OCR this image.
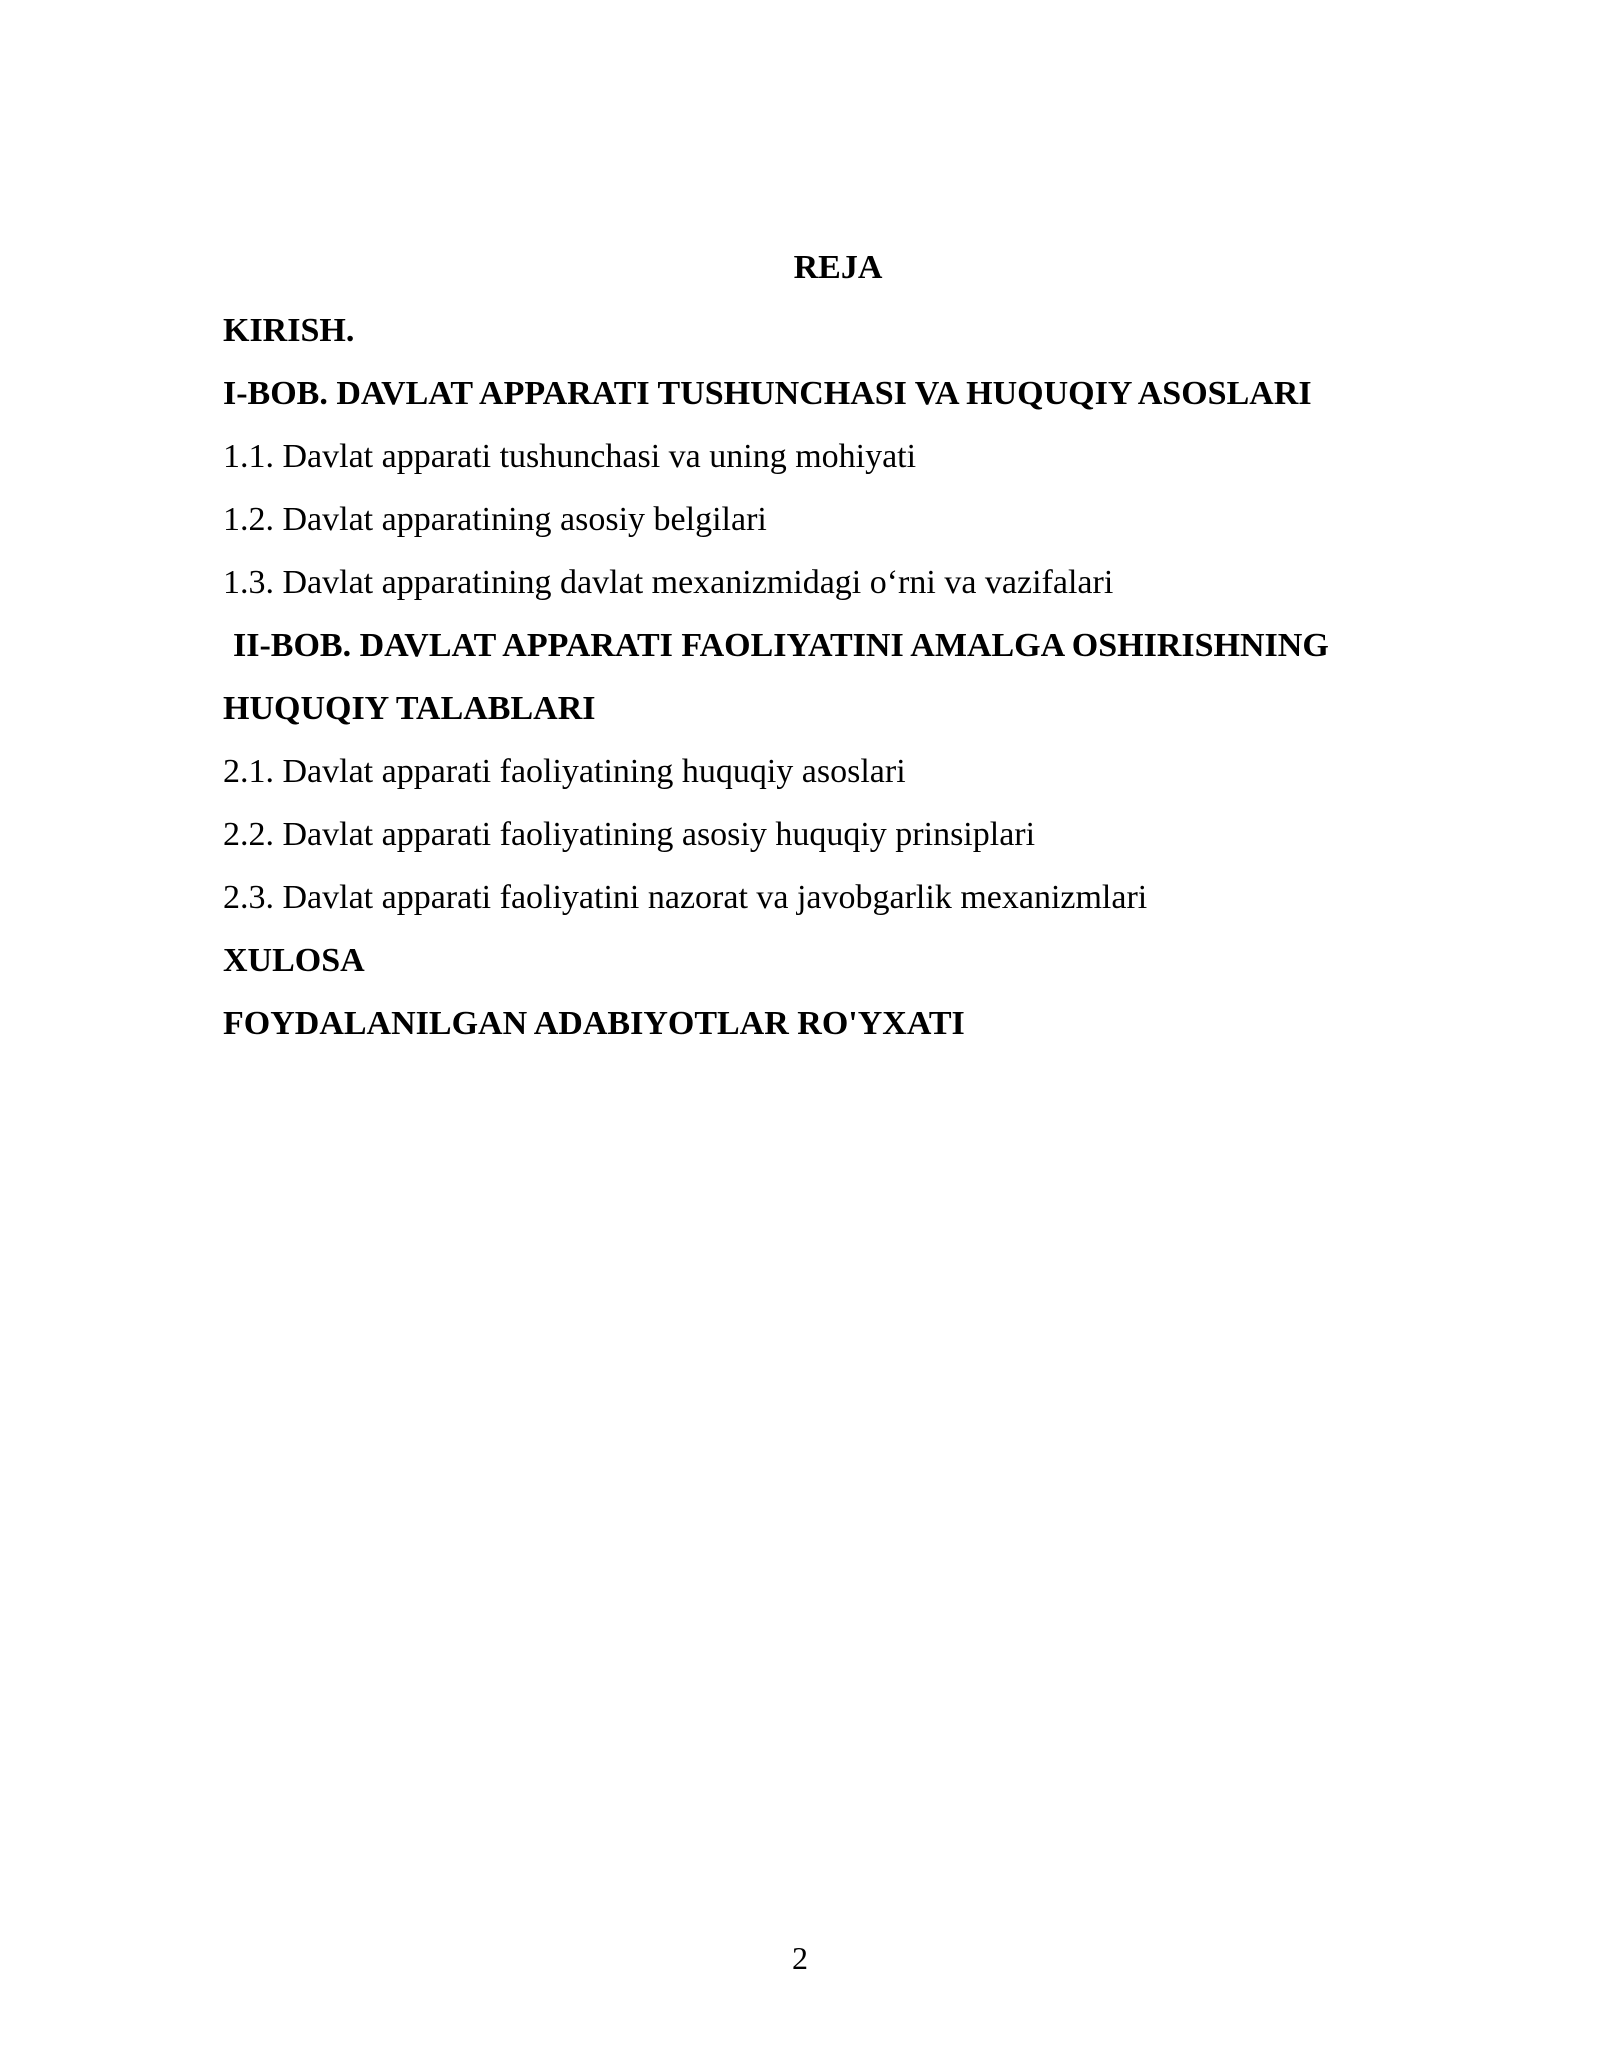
REJA
KIRISH.
I-BOB. DAVLAT APPARATI TUSHUNCHASI VA HUQUQIY ASOSLARI
1.1. Davlat apparati tushunchasi va uning mohiyati
1.2. Davlat apparatining asosiy belgilari
1.3. Davlat apparatining davlat mexanizmidagi o‘rni va vazifalari
II-BOB. DAVLAT APPARATI FAOLIYATINI AMALGA OSHIRISHNING
HUQUQIY TALABLARI
2.1. Davlat apparati faoliyatining huquqiy asoslari
2.2. Davlat apparati faoliyatining asosiy huquqiy prinsiplari
2.3. Davlat apparati faoliyatini nazorat va javobgarlik mexanizmlari
XULOSA
FOYDALANILGAN ADABIYOTLAR RO'YXATI
2
